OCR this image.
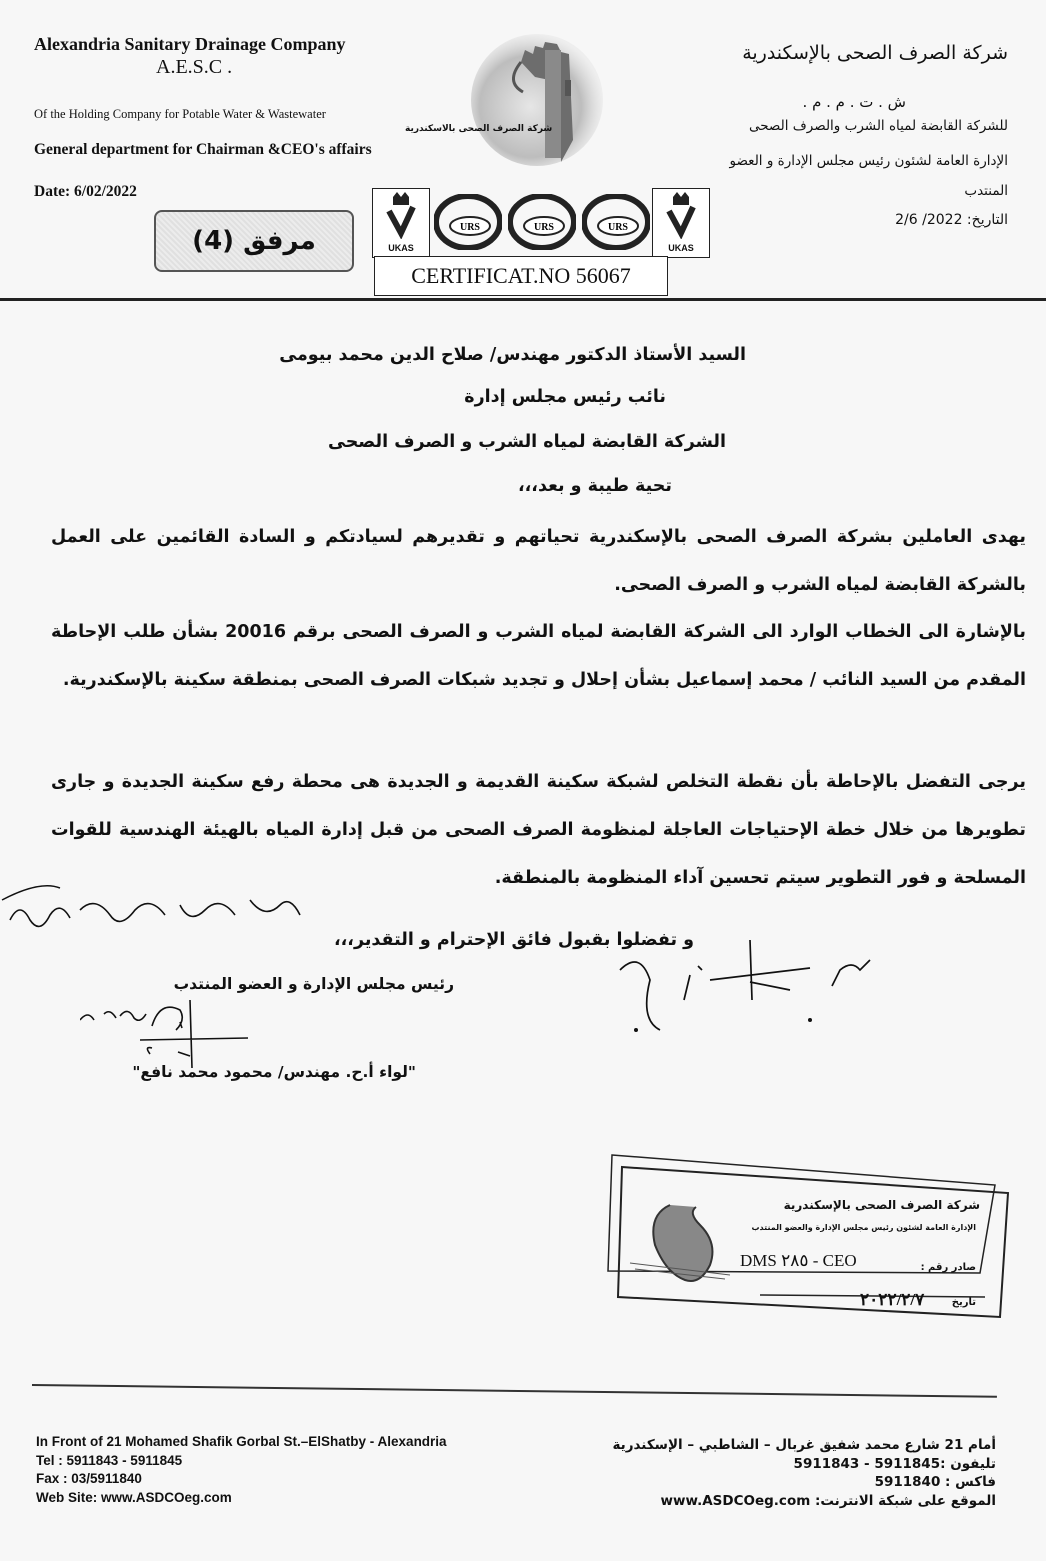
Alexandria Sanitary Drainage Company
A.E.S.C .
Of the Holding Company for Potable Water & Wastewater
General department for Chairman &CEO's affairs
Date: 6/02/2022
شركة الصرف الصحى بالإسكندرية
ش . ت . م . م .
للشركة القابضة لمياه الشرب والصرف الصحى
الإدارة العامة لشئون رئيس مجلس الإدارة و العضو المنتدب
التاريخ: 2022/ 2/6
شركة الصرف الصحى بالاسكندرية
مرفق (4)	UKAS
URS	URS	URS
UKAS
CERTIFICAT.NO 56067
السيد الأستاذ الدكتور مهندس/ صلاح الدين محمد بيومى
نائب رئيس مجلس إدارة
الشركة القابضة لمياه الشرب و الصرف الصحى
تحية طيبة و بعد،،،
يهدى العاملين بشركة الصرف الصحى بالإسكندرية تحياتهم و تقديرهم لسيادتكم و السادة القائمين على العمل بالشركة القابضة لمياه الشرب و الصرف الصحى.
بالإشارة الى الخطاب الوارد الى الشركة القابضة لمياه الشرب و الصرف الصحى برقم 20016 بشأن طلب الإحاطة المقدم من السيد النائب / محمد إسماعيل بشأن إحلال و تجديد شبكات الصرف الصحى بمنطقة سكينة بالإسكندرية.
يرجى التفضل بالإحاطة بأن نقطة التخلص لشبكة سكينة القديمة و الجديدة هى محطة رفع سكينة الجديدة و جارى تطويرها من خلال خطة الإحتياجات العاجلة لمنظومة الصرف الصحى من قبل إدارة المياه بالهيئة الهندسية للقوات المسلحة و فور التطوير سيتم تحسين آداء المنظومة بالمنطقة.
و تفضلوا بقبول فائق الإحترام و التقدير،،،
رئيس مجلس الإدارة و العضو المنتدب
"لواء أ.ح. مهندس/ محمود محمد نافع"
شركة الصرف الصحى بالإسكندرية
الإدارة العامة لشئون رئيس مجلس الإدارة والعضو المنتدب
DMS ٢٨٥ - CEO	صادر رقم :
تاريخ ٢٠٢٢/٢/٧
In Front of 21 Mohamed Shafik Gorbal St.–ElShatby - Alexandria
Tel : 5911843 - 5911845
Fax : 03/5911840
Web Site: www.ASDCOeg.com
أمام 21 شارع محمد شفيق غربال – الشاطبي – الإسكندرية
تليفون :5911845 - 5911843
فاكس : 5911840
الموقع على شبكة الانترنت: www.ASDCOeg.com
